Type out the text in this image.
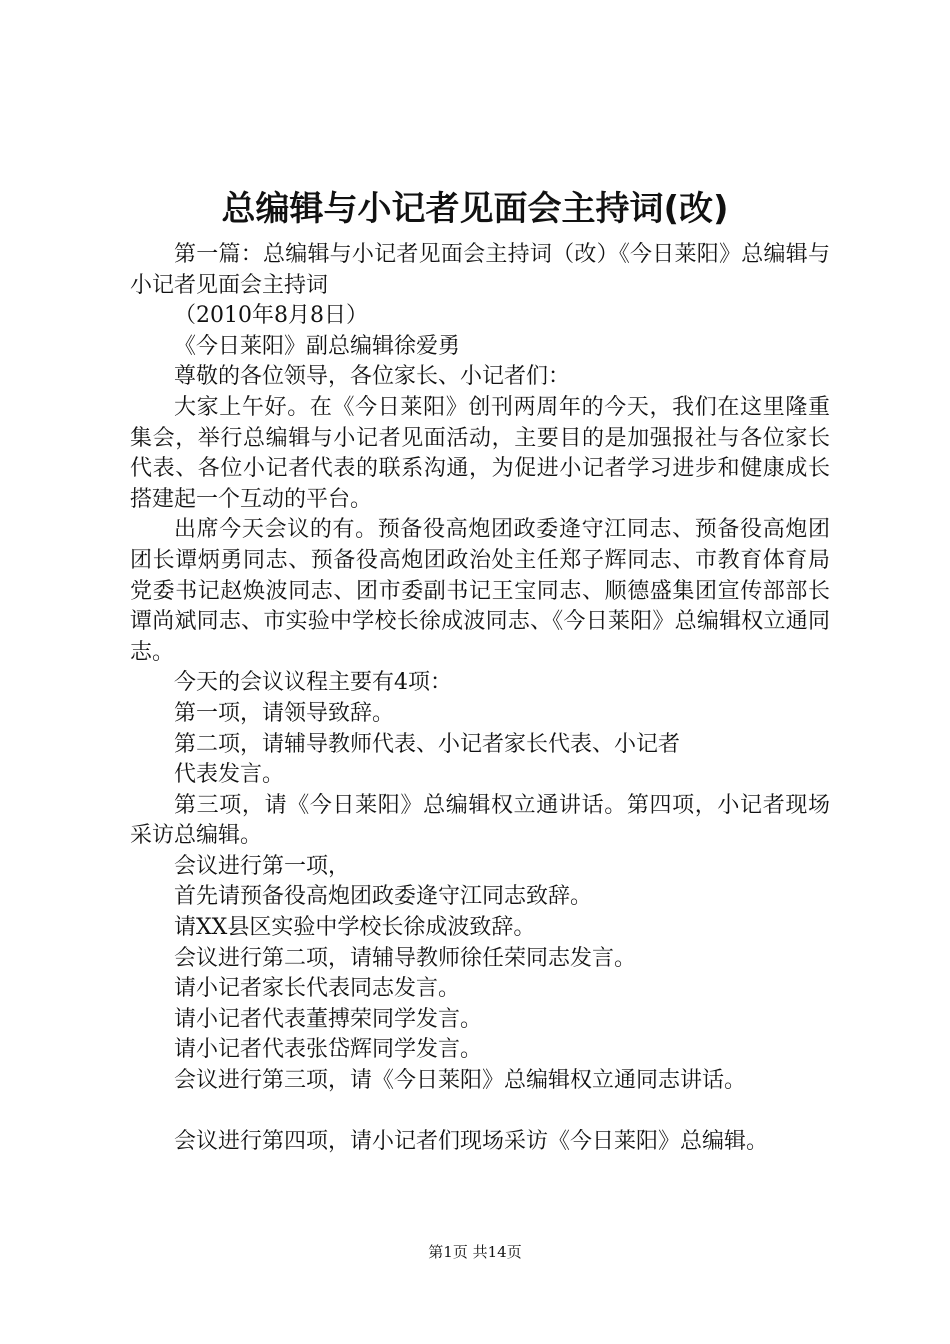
总编辑与小记者见面会主持词(改)

第一篇：总编辑与小记者见面会主持词（改）《今日莱阳》总编辑与小记者见面会主持词

（2010年8月8日）

《今日莱阳》副总编辑徐爱勇

尊敬的各位领导，各位家长、小记者们：

大家上午好。在《今日莱阳》创刊两周年的今天，我们在这里隆重集会，举行总编辑与小记者见面活动，主要目的是加强报社与各位家长代表、各位小记者代表的联系沟通，为促进小记者学习进步和健康成长搭建起一个互动的平台。

出席今天会议的有。预备役高炮团政委逄守江同志、预备役高炮团团长谭炳勇同志、预备役高炮团政治处主任郑子辉同志、市教育体育局党委书记赵焕波同志、团市委副书记王宝同志、顺德盛集团宣传部部长谭尚斌同志、市实验中学校长徐成波同志、《今日莱阳》总编辑权立通同志。

今天的会议议程主要有4项：

第一项，请领导致辞。

第二项，请辅导教师代表、小记者家长代表、小记者

代表发言。

第三项，请《今日莱阳》总编辑权立通讲话。第四项，小记者现场采访总编辑。

会议进行第一项，

首先请预备役高炮团政委逄守江同志致辞。

请XX县区实验中学校长徐成波致辞。

会议进行第二项，请辅导教师徐任荣同志发言。

请小记者家长代表同志发言。

请小记者代表董搏荣同学发言。

请小记者代表张岱辉同学发言。

会议进行第三项，请《今日莱阳》总编辑权立通同志讲话。

会议进行第四项，请小记者们现场采访《今日莱阳》总编辑。

第1页 共14页
